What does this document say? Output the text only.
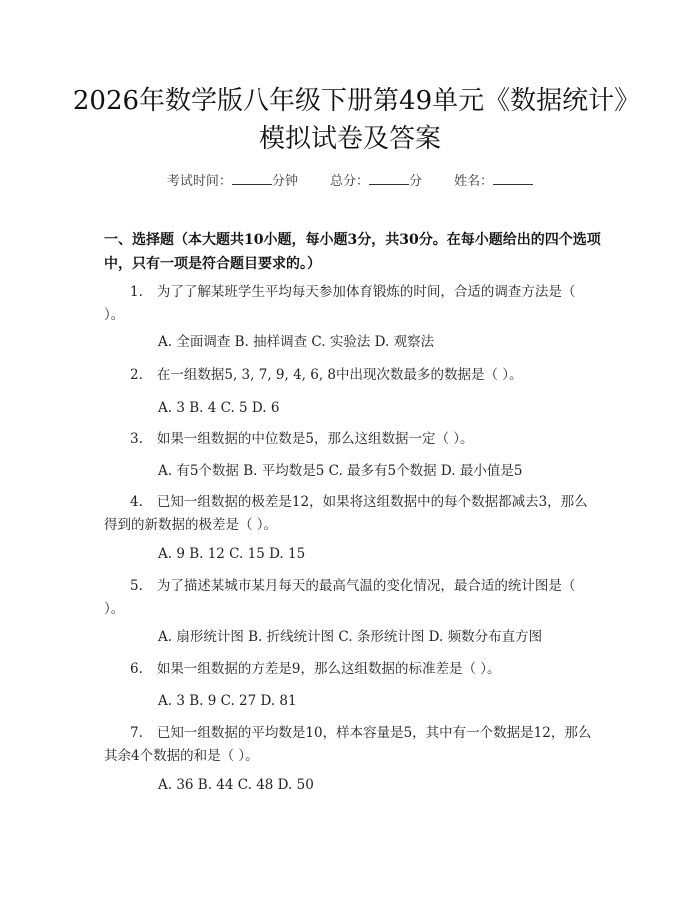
2026年数学版八年级下册第49单元《数据统计》模拟试卷及答案
考试时间：	分钟 总分：	分 姓名：
一、选择题（本大题共10小题，每小题3分，共30分。在每小题给出的四个选项中，只有一项是符合题目要求的。）
1. 为了了解某班学生平均每天参加体育锻炼的时间，合适的调查方法是（ ）。
A. 全面调查 B. 抽样调查 C. 实验法 D. 观察法
2. 在一组数据5, 3, 7, 9, 4, 6, 8中出现次数最多的数据是（ ）。
A. 3 B. 4 C. 5 D. 6
3. 如果一组数据的中位数是5，那么这组数据一定（ ）。
A. 有5个数据 B. 平均数是5 C. 最多有5个数据 D. 最小值是5
4. 已知一组数据的极差是12，如果将这组数据中的每个数据都减去3，那么得到的新数据的极差是（ ）。
A. 9 B. 12 C. 15 D. 15
5. 为了描述某城市某月每天的最高气温的变化情况，最合适的统计图是（ ）。
A. 扇形统计图 B. 折线统计图 C. 条形统计图 D. 频数分布直方图
6. 如果一组数据的方差是9，那么这组数据的标准差是（ ）。
A. 3 B. 9 C. 27 D. 81
7. 已知一组数据的平均数是10，样本容量是5，其中有一个数据是12，那么其余4个数据的和是（ ）。
A. 36 B. 44 C. 48 D. 50
